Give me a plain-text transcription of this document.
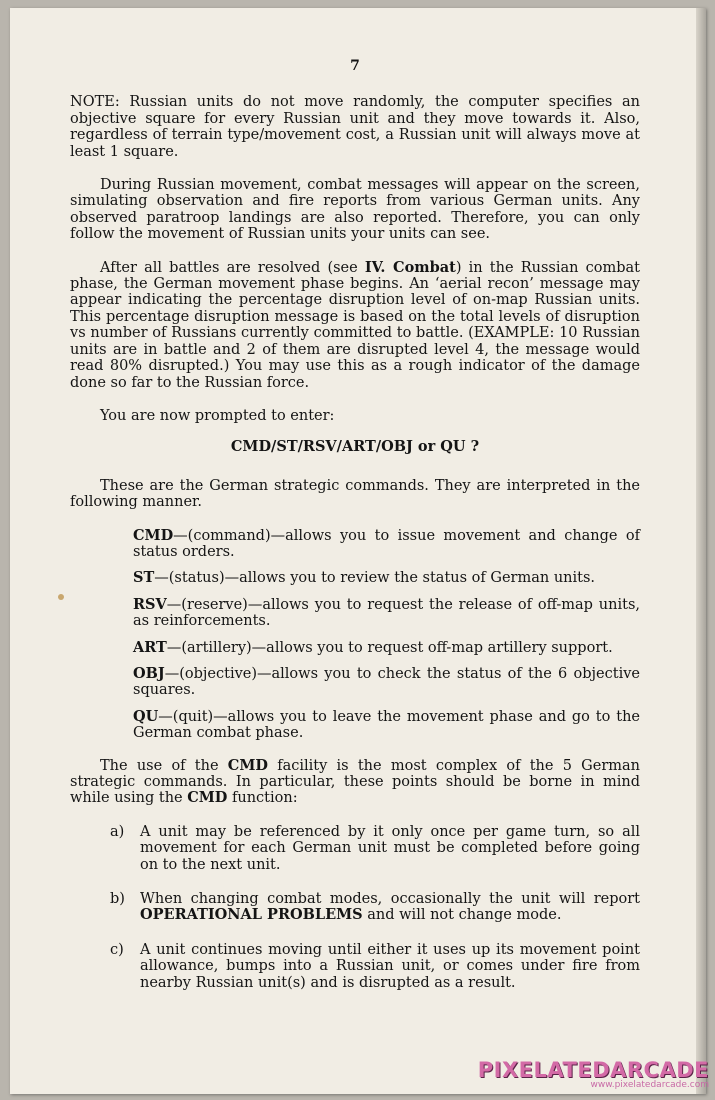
7

NOTE: Russian units do not move randomly, the computer specifies an objective square for every Russian unit and they move towards it. Also, regardless of terrain type/movement cost, a Russian unit will always move at least 1 square.

During Russian movement, combat messages will appear on the screen, simulating observation and fire reports from various German units. Any observed paratroop landings are also reported. Therefore, you can only follow the movement of Russian units your units can see.

After all battles are resolved (see IV. Combat) in the Russian combat phase, the German movement phase begins. An ‘aerial recon’ message may appear indicating the percentage disruption level of on-map Russian units. This percentage disruption message is based on the total levels of disruption vs number of Russians currently committed to battle. (EXAMPLE: 10 Russian units are in battle and 2 of them are disrupted level 4, the message would read 80% disrupted.) You may use this as a rough indicator of the damage done so far to the Russian force.

You are now prompted to enter:

CMD/ST/RSV/ART/OBJ or QU ?

These are the German strategic commands. They are interpreted in the following manner.

CMD—(command)—allows you to issue movement and change of status orders.
ST—(status)—allows you to review the status of German units.
RSV—(reserve)—allows you to request the release of off-map units, as reinforcements.
ART—(artillery)—allows you to request off-map artillery support.
OBJ—(objective)—allows you to check the status of the 6 objective squares.
QU—(quit)—allows you to leave the movement phase and go to the German combat phase.

The use of the CMD facility is the most complex of the 5 German strategic commands. In particular, these points should be borne in mind while using the CMD function:

a)	A unit may be referenced by it only once per game turn, so all movement for each German unit must be completed before going on to the next unit.
b)	When changing combat modes, occasionally the unit will report OPERATIONAL PROBLEMS and will not change mode.
c)	A unit continues moving until either it uses up its movement point allowance, bumps into a Russian unit, or comes under fire from nearby Russian unit(s) and is disrupted as a result.
PIXELATEDARCADE
www.pixelatedarcade.com
